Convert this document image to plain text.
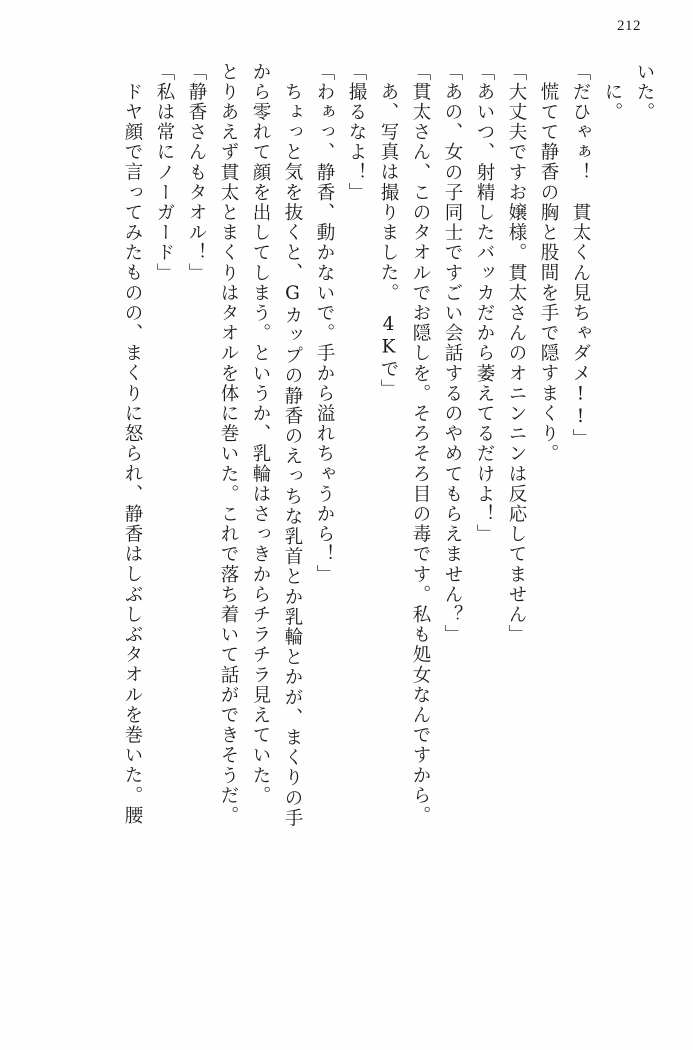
212
いた。
に。
「だひゃぁ！　貫太くん見ちゃダメ!!」
慌てて静香の胸と股間を手で隠すまくり。
「大丈夫ですお嬢様。貫太さんのオニンニンは反応してません」
「あいつ、射精したバッカだから萎えてるだけよ！」
「あの、女の子同士ですごい会話するのやめてもらえません？」
「貫太さん、このタオルでお隠しを。そろそろ目の毒です。私も処女なんですから。
あ、写真は撮りました。　4Kで」
「撮るなよ！」
「わぁっ、静香、動かないで。手から溢れちゃうから！」
ちょっと気を抜くと、Gカップの静香のえっちな乳首とか乳輪とかが、まくりの手
から零れて顔を出してしまう。というか、乳輪はさっきからチラチラ見えていた。
とりあえず貫太とまくりはタオルを体に巻いた。これで落ち着いて話ができそうだ。
「静香さんもタオル！」
「私は常にノーガード」
ドヤ顔で言ってみたものの、まくりに怒られ、静香はしぶしぶタオルを巻いた。腰
